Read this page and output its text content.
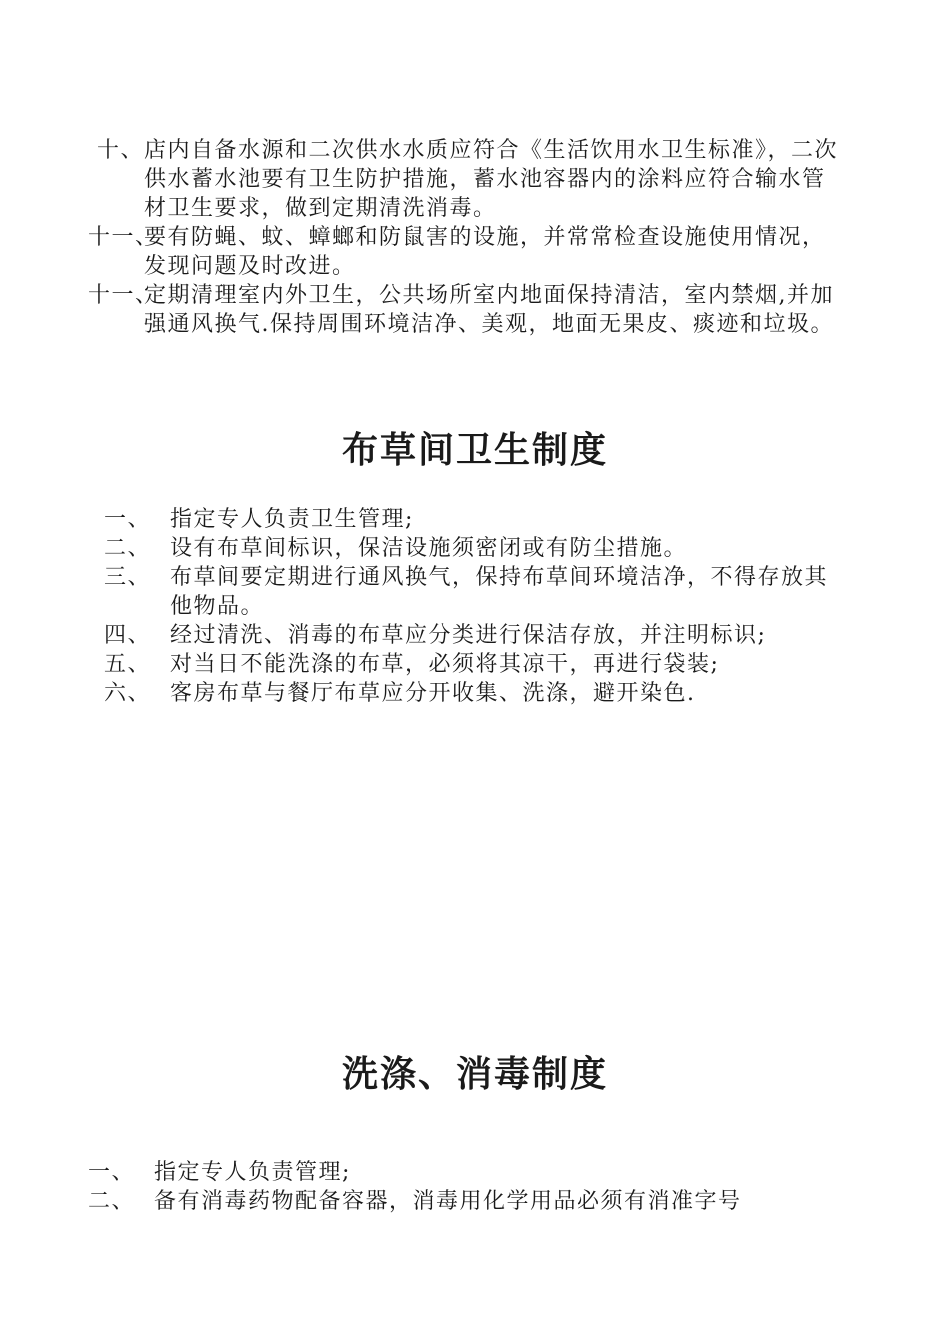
十、 店内自备水源和二次供水水质应符合《生活饮用水卫生标准》，二次供水蓄水池要有卫生防护措施，蓄水池容器内的涂料应符合输水管材卫生要求，做到定期清洗消毒。
十一、
要有防蝇、蚊、蟑螂和防鼠害的设施，并常常检查设施使用情况，发现问题及时改进。
十一、
定期清理室内外卫生，公共场所室内地面保持清洁，室内禁烟,并加强通风换气.保持周围环境洁净、美观，地面无果皮、痰迹和垃圾。
布草间卫生制度
一、 指定专人负责卫生管理;
二、 设有布草间标识，保洁设施须密闭或有防尘措施。
三、 布草间要定期进行通风换气，保持布草间环境洁净，不得存放其他物品。
四、 经过清洗、消毒的布草应分类进行保洁存放，并注明标识;
五、 对当日不能洗涤的布草，必须将其凉干，再进行袋装;
六、 客房布草与餐厅布草应分开收集、洗涤，避开染色.
洗涤、消毒制度
一、 指定专人负责管理;
二、 备有消毒药物配备容器，消毒用化学用品必须有消准字号
